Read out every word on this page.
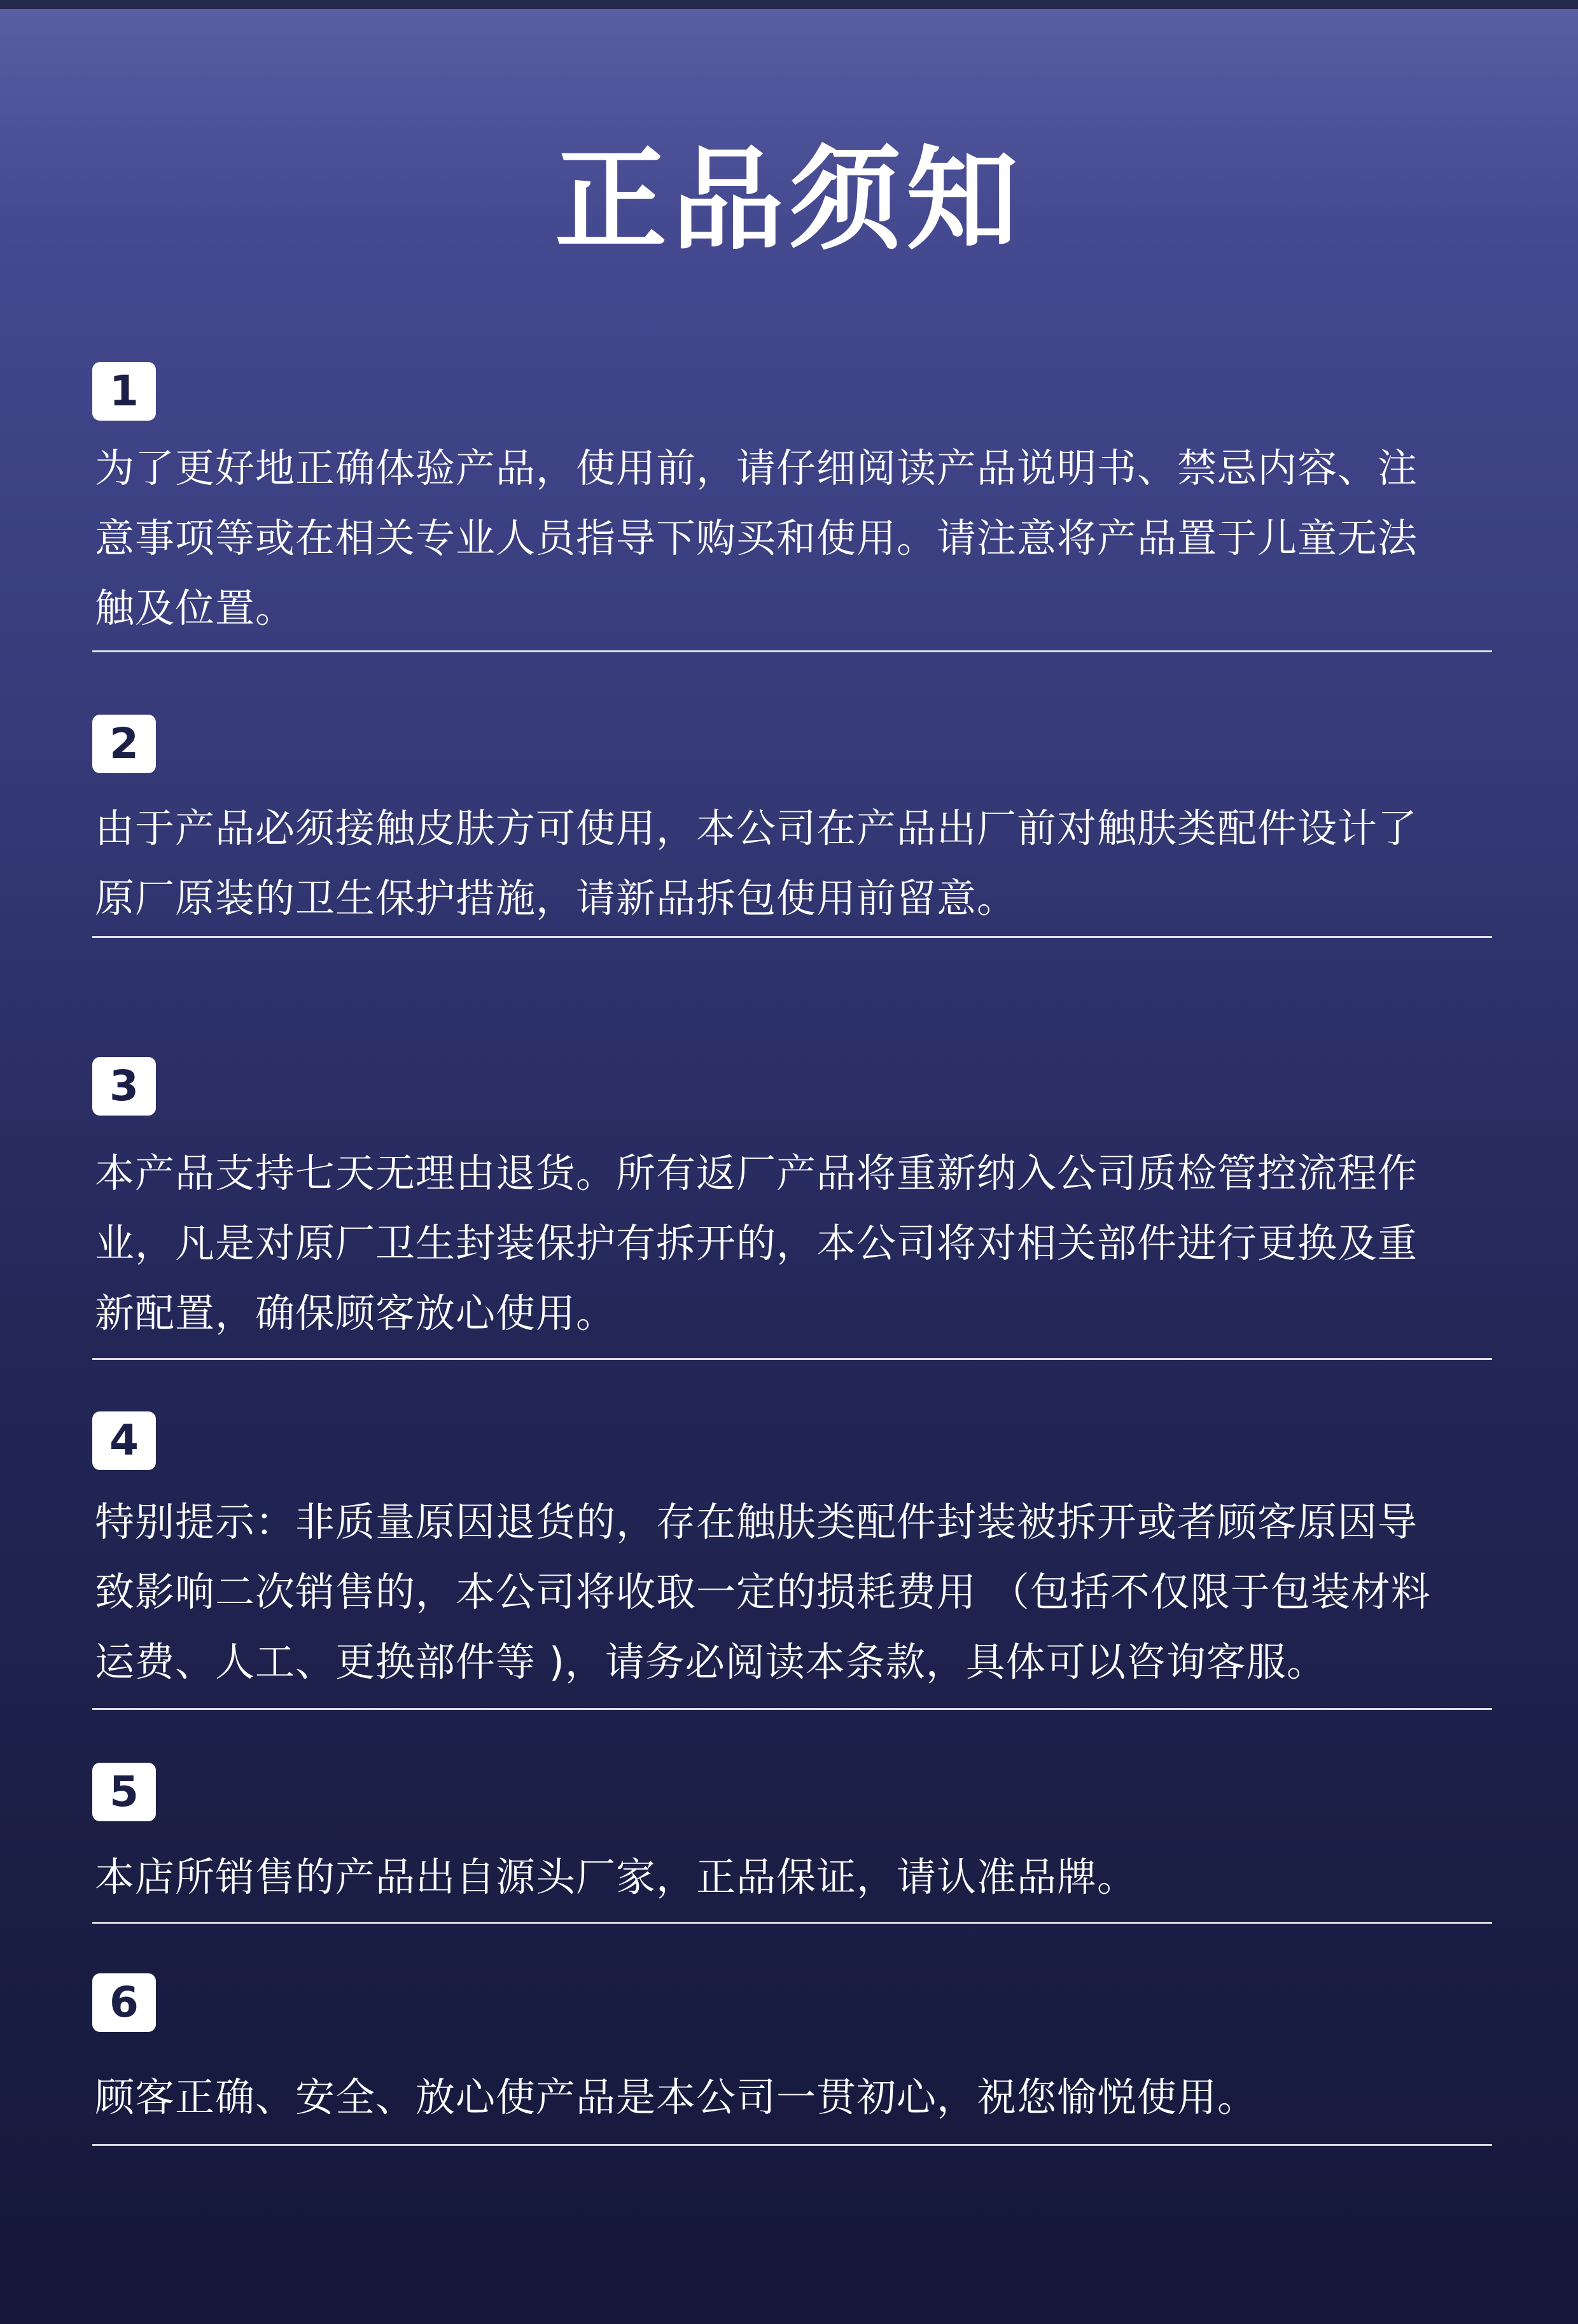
正品须知
1
为了更好地正确体验产品，使用前，请仔细阅读产品说明书、禁忌内容、注
意事项等或在相关专业人员指导下购买和使用。请注意将产品置于儿童无法
触及位置。
2
由于产品必须接触皮肤方可使用，本公司在产品出厂前对触肤类配件设计了
原厂原装的卫生保护措施，请新品拆包使用前留意。
3
本产品支持七天无理由退货。所有返厂产品将重新纳入公司质检管控流程作
业，凡是对原厂卫生封装保护有拆开的，本公司将对相关部件进行更换及重
新配置，确保顾客放心使用。
4
特别提示：非质量原因退货的，存在触肤类配件封装被拆开或者顾客原因导
致影响二次销售的，本公司将收取一定的损耗费用 （包括不仅限于包装材料
运费、人工、更换部件等 )，请务必阅读本条款，具体可以咨询客服。
5
本店所销售的产品出自源头厂家，正品保证，请认准品牌。
6
顾客正确、安全、放心使产品是本公司一贯初心，祝您愉悦使用。
